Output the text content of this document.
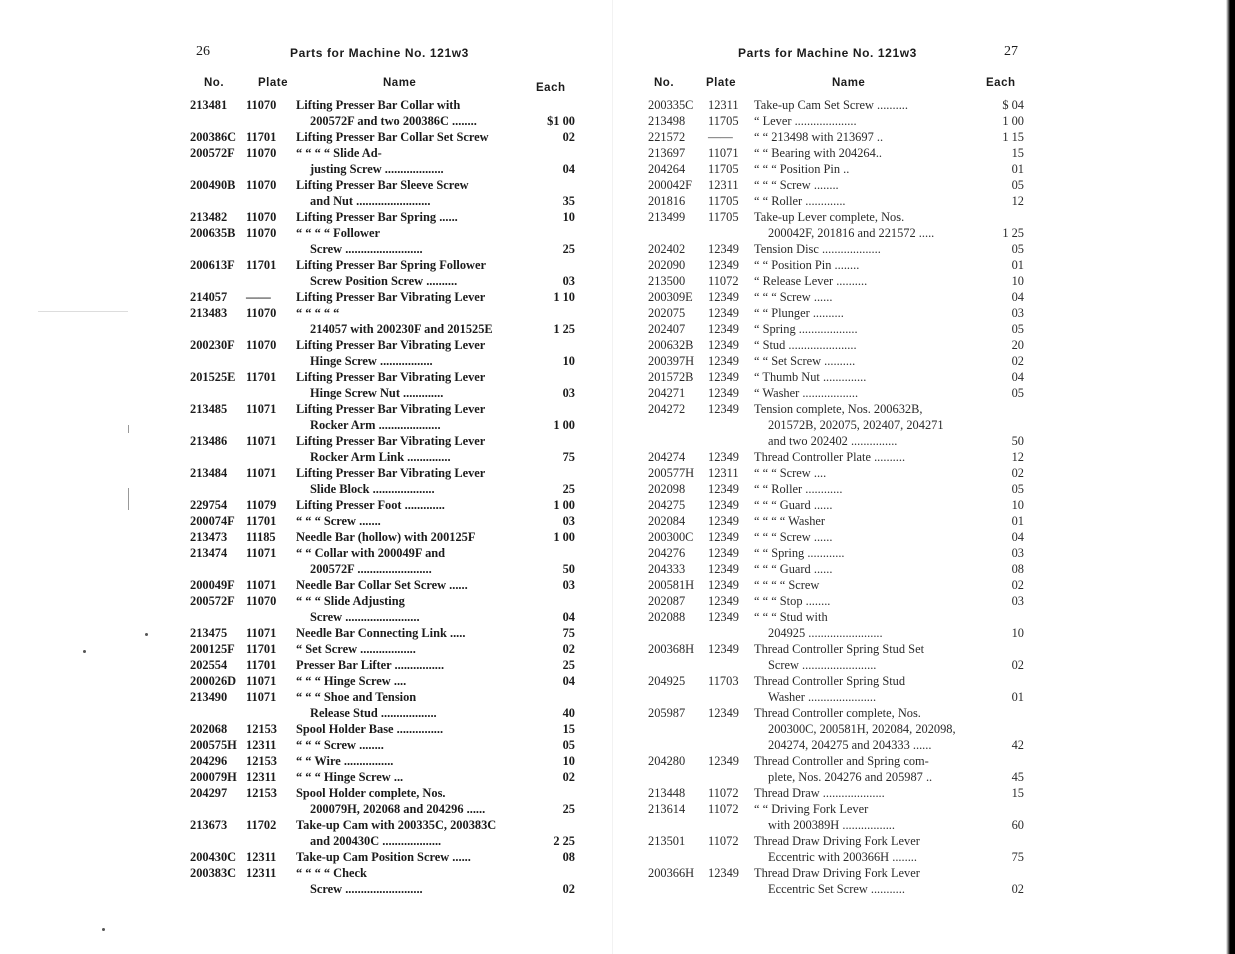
26	Parts for Machine No. 121w3
No.	Plate	Name	Each
213481	11070	Lifting Presser Bar Collar with
200572F and two 200386C ........	$1 00
200386C 11701	Lifting Presser Bar Collar Set Screw	02
200572F 11070	“ “ “ “ Slide Ad-
justing Screw ...................	04
200490B 11070	Lifting Presser Bar Sleeve Screw
and Nut ........................	35
213482	11070	Lifting Presser Bar Spring ......	10
200635B 11070	“ “ “ “ Follower
Screw .........................	25
200613F 11701	Lifting Presser Bar Spring Follower
Screw Position Screw ..........	03
214057	——	Lifting Presser Bar Vibrating Lever	1 10
213483	11070	“ “ “ “ “
214057 with 200230F and 201525E	1 25
200230F 11070	Lifting Presser Bar Vibrating Lever
Hinge Screw .................	10
201525E 11701	Lifting Presser Bar Vibrating Lever
Hinge Screw Nut .............	03
213485	11071	Lifting Presser Bar Vibrating Lever
Rocker Arm ....................	1 00
213486	11071	Lifting Presser Bar Vibrating Lever
Rocker Arm Link ..............	75
213484	11071	Lifting Presser Bar Vibrating Lever
Slide Block ....................	25
229754	11079	Lifting Presser Foot .............	1 00
200074F 11701	“ “ “ Screw .......	03
213473	11185	Needle Bar (hollow) with 200125F	1 00
213474	11071	“ “ Collar with 200049F and
200572F ........................	50
200049F 11071	Needle Bar Collar Set Screw ......	03
200572F 11070	“ “ “ Slide Adjusting
Screw ........................	04
213475	11071	Needle Bar Connecting Link .....	75
200125F 11701	“ Set Screw ..................	02
202554	11701	Presser Bar Lifter ................	25
200026D 11071	“ “ “ Hinge Screw ....	04
213490	11071	“ “ “ Shoe and Tension
Release Stud ..................	40
202068	12153	Spool Holder Base ...............	15
200575H 12311	“ “ “ Screw ........	05
204296	12153	“ “ Wire ................	10
200079H 12311	“ “ “ Hinge Screw ...	02
204297	12153	Spool Holder complete, Nos.
200079H, 202068 and 204296 ......	25
213673	11702	Take-up Cam with 200335C, 200383C
and 200430C ...................	2 25
200430C 12311	Take-up Cam Position Screw ......	08
200383C 12311	“ “ “ “ Check
Screw .........................	02
27
Parts for Machine No. 121w3
No.	Plate	Name	Each
200335C	12311	Take-up Cam Set Screw ..........	$ 04
213498	11705	“ Lever ....................	1 00
221572	——	“ “ 213498 with 213697 ..	1 15
213697	11071	“ “ Bearing with 204264..	15
204264	11705	“ “ “ Position Pin ..	01
200042F	12311	“ “ “ Screw ........	05
201816	11705	“ “ Roller .............	12
213499	11705	Take-up Lever complete, Nos.
200042F, 201816 and 221572 .....	1 25
202402	12349	Tension Disc ...................	05
202090	12349	“ “ Position Pin ........	01
213500	11072	“ Release Lever ..........	10
200309E	12349	“ “ “ Screw ......	04
202075	12349	“ “ Plunger ..........	03
202407	12349	“ Spring ...................	05
200632B	12349	“ Stud ......................	20
200397H	12349	“ “ Set Screw ..........	02
201572B	12349	“ Thumb Nut ..............	04
204271	12349	“ Washer ..................	05
204272	12349	Tension complete, Nos. 200632B,
201572B, 202075, 202407, 204271
and two 202402 ...............	50
204274	12349	Thread Controller Plate ..........	12
200577H	12311	“ “ “ Screw ....	02
202098	12349	“ “ Roller ............	05
204275	12349	“ “ “ Guard ......	10
202084	12349	“ “ “ “ Washer	01
200300C	12349	“ “ “ Screw ......	04
204276	12349	“ “ Spring ............	03
204333	12349	“ “ “ Guard ......	08
200581H	12349	“ “ “ “ Screw	02
202087	12349	“ “ “ Stop ........	03
202088	12349	“ “ “ Stud with
204925 ........................	10
200368H	12349	Thread Controller Spring Stud Set
Screw ........................	02
204925	11703	Thread Controller Spring Stud
Washer ......................	01
205987	12349	Thread Controller complete, Nos.
200300C, 200581H, 202084, 202098,
204274, 204275 and 204333 ......	42
204280	12349	Thread Controller and Spring com-
plete, Nos. 204276 and 205987 ..	45
213448	11072	Thread Draw ....................	15
213614	11072	“ “ Driving Fork Lever
with 200389H .................	60
213501	11072	Thread Draw Driving Fork Lever
Eccentric with 200366H ........	75
200366H	12349	Thread Draw Driving Fork Lever
Eccentric Set Screw ...........	02
